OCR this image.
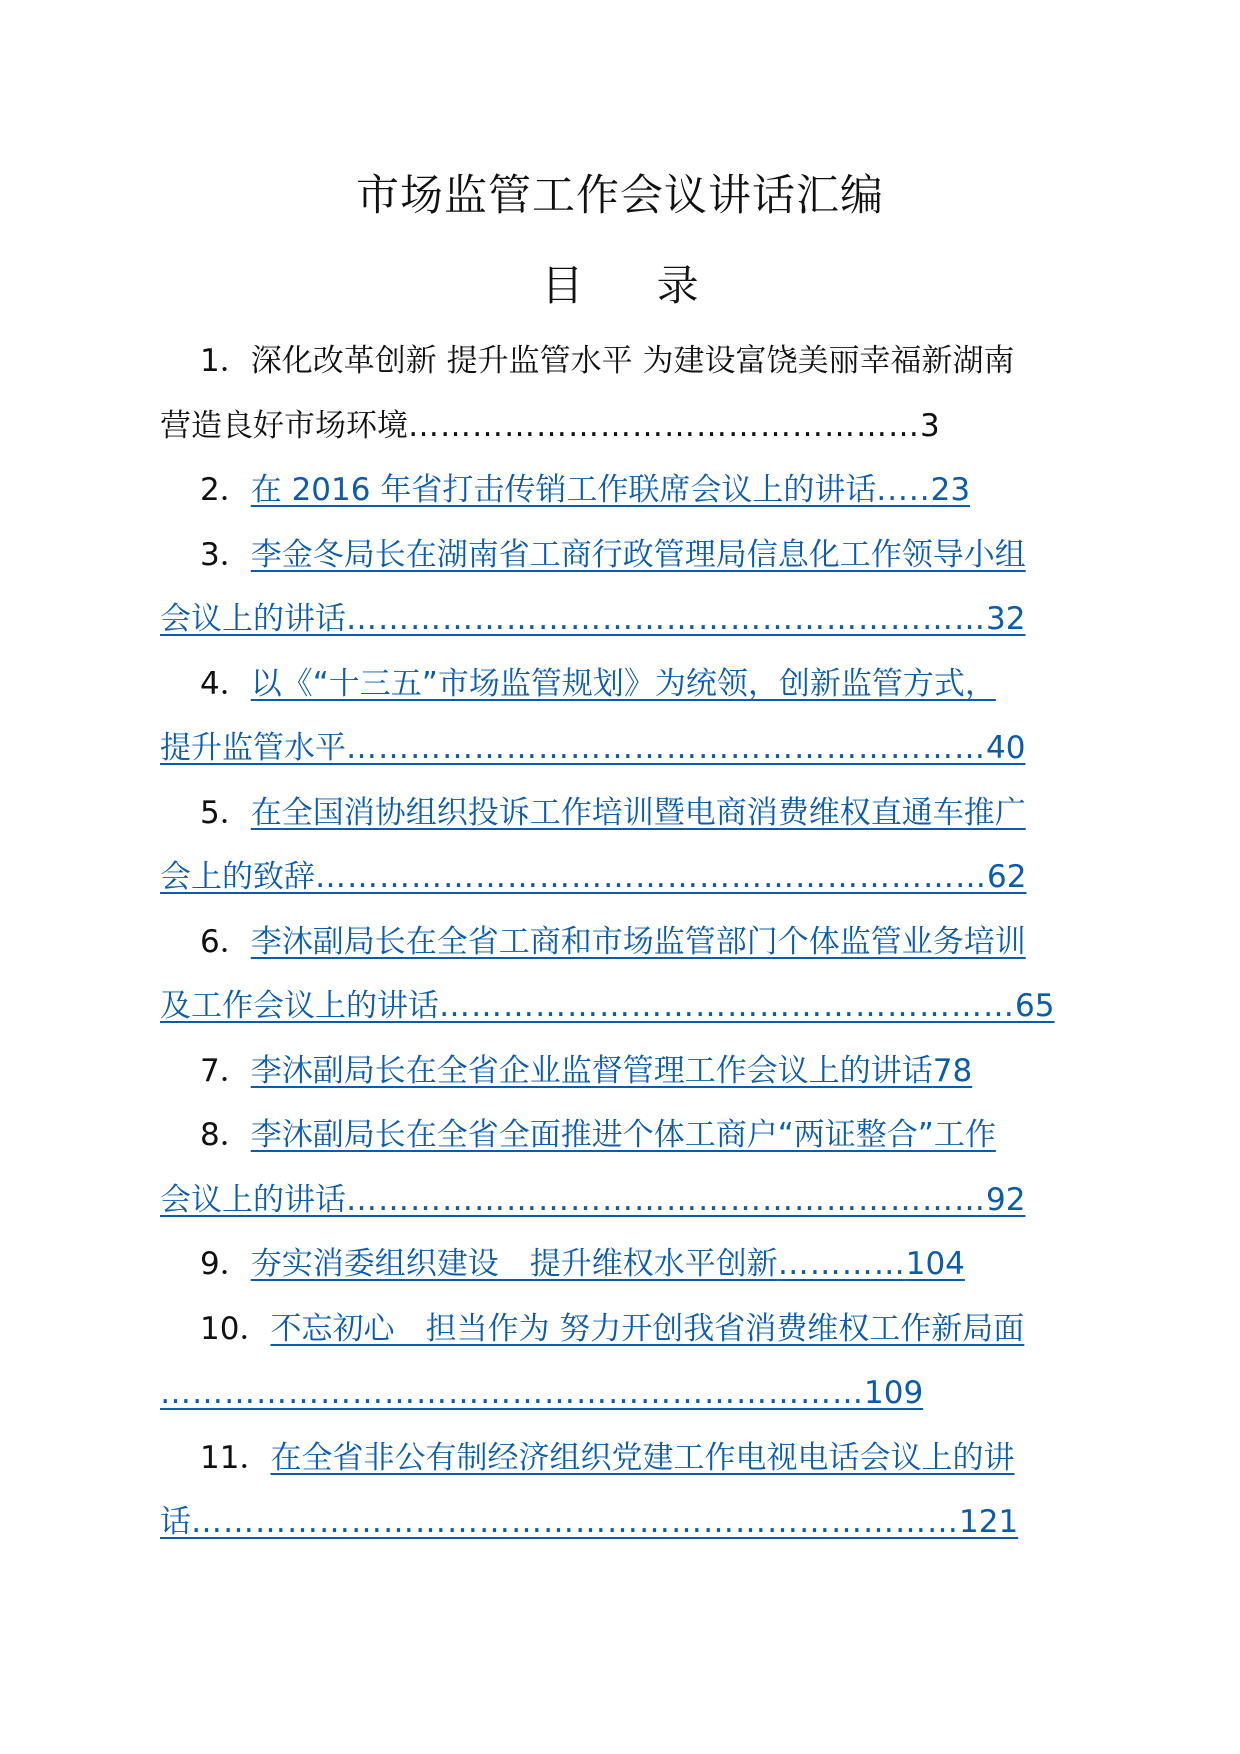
市场监管工作会议讲话汇编
目 录
1．深化改革创新 提升监管水平 为建设富饶美丽幸福新湖南
营造良好市场环境…………………………………………3
2．在 2016 年省打击传销工作联席会议上的讲话.....23
3．李金冬局长在湖南省工商行政管理局信息化工作领导小组
会议上的讲话……………………………………………………32
4．以《“十三五”市场监管规划》为统领，创新监管方式，
提升监管水平……………………………………………………40
5．在全国消协组织投诉工作培训暨电商消费维权直通车推广
会上的致辞………………………………………………………62
6．李沐副局长在全省工商和市场监管部门个体监管业务培训
及工作会议上的讲话………………………………………………65
7．李沐副局长在全省企业监督管理工作会议上的讲话78
8．李沐副局长在全省全面推进个体工商户“两证整合”工作
会议上的讲话……………………………………………………92
9．夯实消委组织建设　提升维权水平创新…………104
10．不忘初心　担当作为 努力开创我省消费维权工作新局面
…………………………………………………………109
11．在全省非公有制经济组织党建工作电视电话会议上的讲
话………………………………………………………………121
